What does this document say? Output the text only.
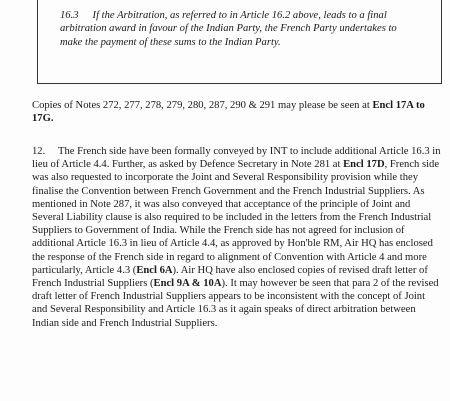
16.3 If the Arbitration, as referred to in Article 16.2 above, leads to a final arbitration award in favour of the Indian Party, the French Party undertakes to make the payment of these sums to the Indian Party.
Copies of Notes 272, 277, 278, 279, 280, 287, 290 & 291 may please be seen at Encl 17A to 17G.
12. The French side have been formally conveyed by INT to include additional Article 16.3 in lieu of Article 4.4. Further, as asked by Defence Secretary in Note 281 at Encl 17D, French side was also requested to incorporate the Joint and Several Responsibility provision while they finalise the Convention between French Government and the French Industrial Suppliers. As mentioned in Note 287, it was also conveyed that acceptance of the principle of Joint and Several Liability clause is also required to be included in the letters from the French Industrial Suppliers to Government of India. While the French side has not agreed for inclusion of additional Article 16.3 in lieu of Article 4.4, as approved by Hon'ble RM, Air HQ has enclosed the response of the French side in regard to alignment of Convention with Article 4 and more particularly, Article 4.3 (Encl 6A). Air HQ have also enclosed copies of revised draft letter of French Industrial Suppliers (Encl 9A & 10A). It may however be seen that para 2 of the revised draft letter of French Industrial Suppliers appears to be inconsistent with the concept of Joint and Several Responsibility and Article 16.3 as it again speaks of direct arbitration between Indian side and French Industrial Suppliers.
